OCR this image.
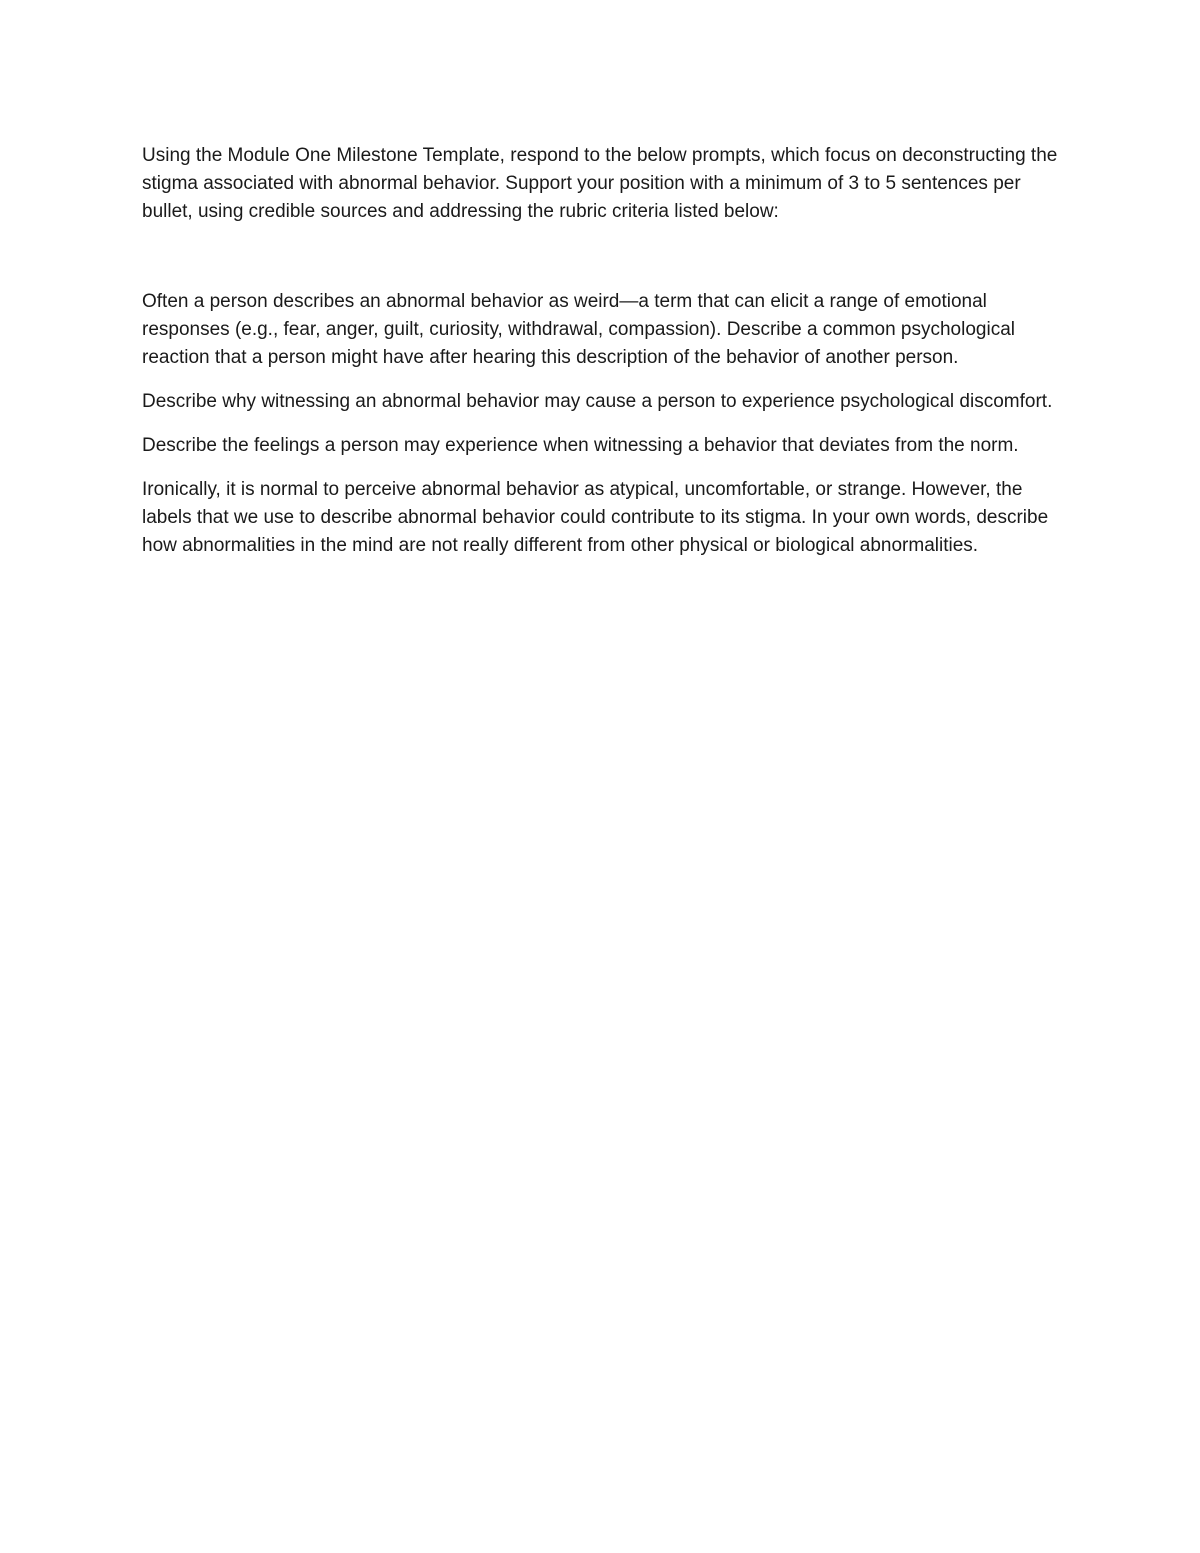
Using the Module One Milestone Template, respond to the below prompts, which focus on deconstructing the stigma associated with abnormal behavior. Support your position with a minimum of 3 to 5 sentences per bullet, using credible sources and addressing the rubric criteria listed below:

Often a person describes an abnormal behavior as weird—a term that can elicit a range of emotional responses (e.g., fear, anger, guilt, curiosity, withdrawal, compassion). Describe a common psychological reaction that a person might have after hearing this description of the behavior of another person.

Describe why witnessing an abnormal behavior may cause a person to experience psychological discomfort.

Describe the feelings a person may experience when witnessing a behavior that deviates from the norm.

Ironically, it is normal to perceive abnormal behavior as atypical, uncomfortable, or strange. However, the labels that we use to describe abnormal behavior could contribute to its stigma. In your own words, describe how abnormalities in the mind are not really different from other physical or biological abnormalities.
